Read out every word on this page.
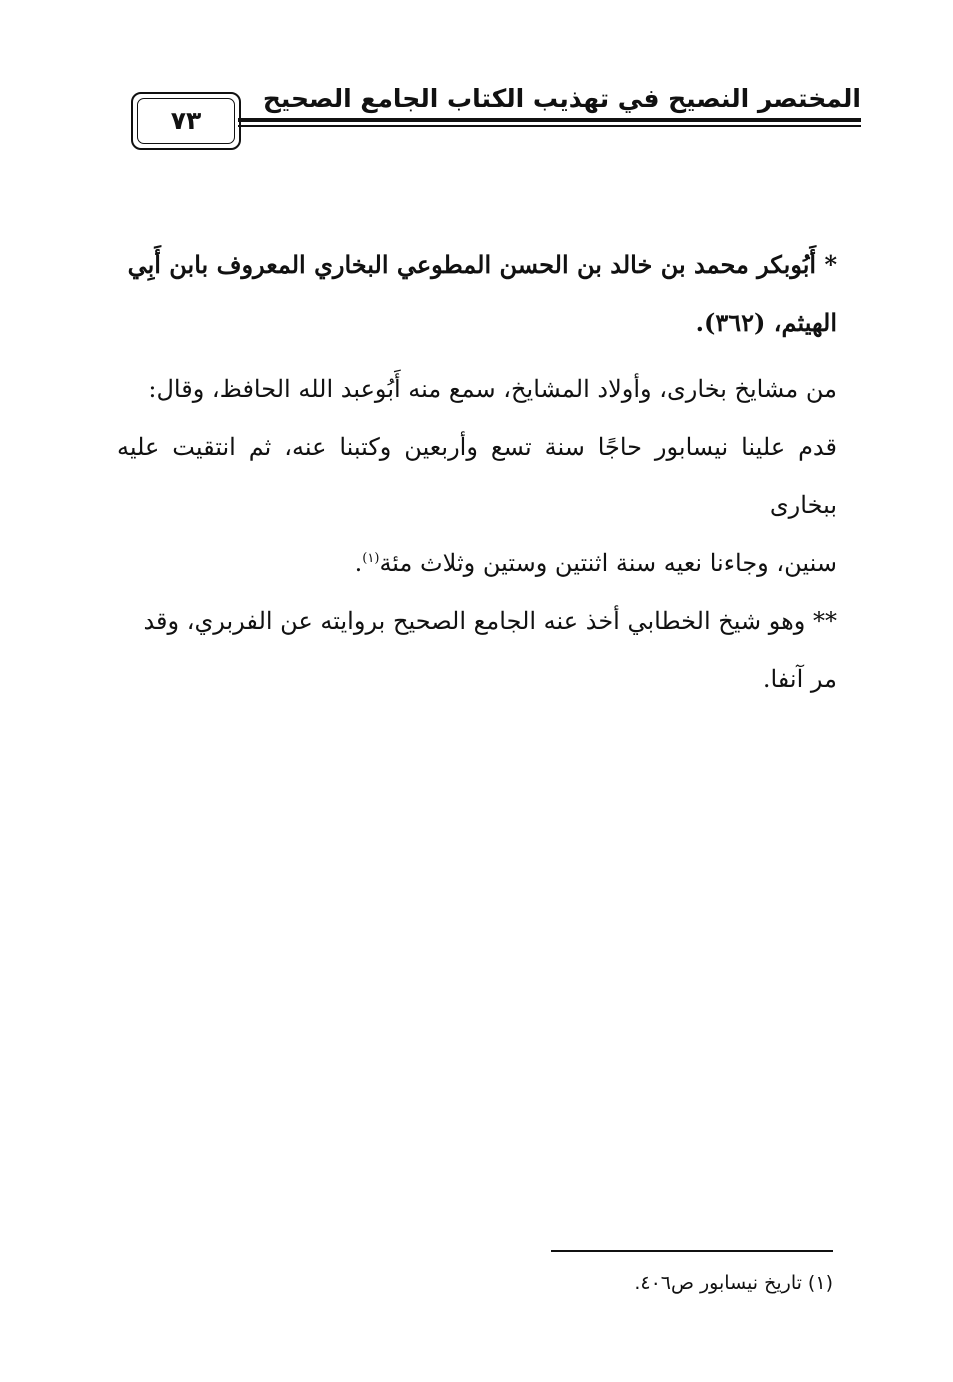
المختصر النصيح في تهذيب الكتاب الجامع الصحيح
٧٣

* أَبُوبكر محمد بن خالد بن الحسن المطوعي البخاري المعروف بابن أَبِي

الهيثم، (٣٦٢).

من مشايخ بخارى، وأولاد المشايخ، سمع منه أَبُوعبد الله الحافظ، وقال:

قدم علينا نيسابور حاجًا سنة تسع وأربعين وكتبنا عنه، ثم انتقيت عليه ببخارى

سنين، وجاءنا نعيه سنة اثنتين وستين وثلاث مئة$^{(١)}$.

** وهو شيخ الخطابي أخذ عنه الجامع الصحيح بروايته عن الفربري، وقد

مر آنفا.

(١) تاريخ نيسابور ص٤٠٦.
